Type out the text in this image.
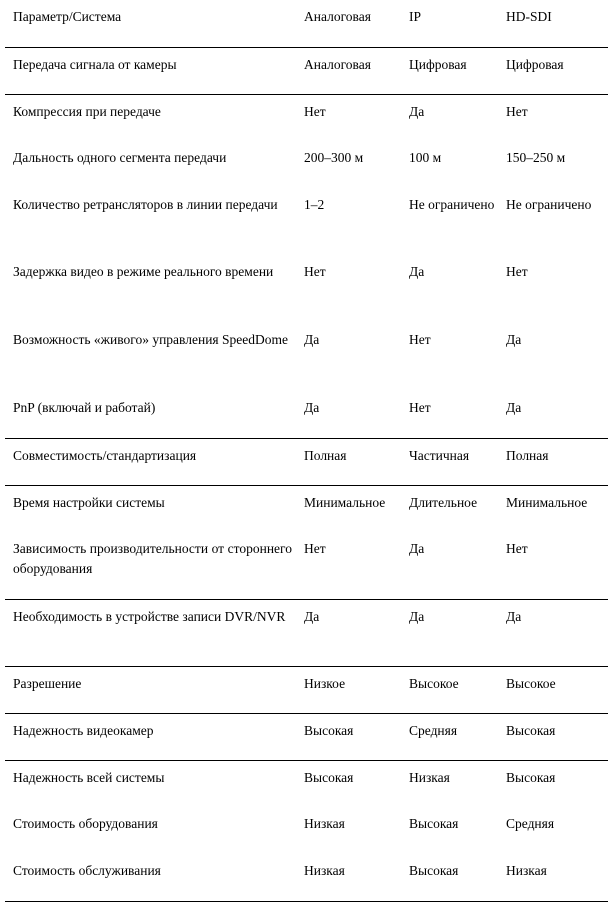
Параметр/Система	Аналоговая	IP	HD-SDI
Передача сигнала от камеры	Аналоговая	Цифровая	Цифровая
Компрессия при передаче	Нет	Да	Нет
Дальность одного сегмента передачи	200–300 м	100 м	150–250 м
Количество ретрансляторов в линии передачи	1–2	Не ограничено	Не ограничено
Задержка видео в режиме реального времени	Нет	Да	Нет
Возможность «живого» управления SpeedDome	Да	Нет	Да
PnP (включай и работай)	Да	Нет	Да
Совместимость/стандартизация	Полная	Частичная	Полная
Время настройки системы	Минимальное	Длительное	Минимальное
Зависимость производительности от стороннего оборудования	Нет	Да	Нет
Необходимость в устройстве записи DVR/NVR	Да	Да	Да
Разрешение	Низкое	Высокое	Высокое
Надежность видеокамер	Высокая	Средняя	Высокая
Надежность всей системы	Высокая	Низкая	Высокая
Стоимость оборудования	Низкая	Высокая	Средняя
Стоимость обслуживания	Низкая	Высокая	Низкая
